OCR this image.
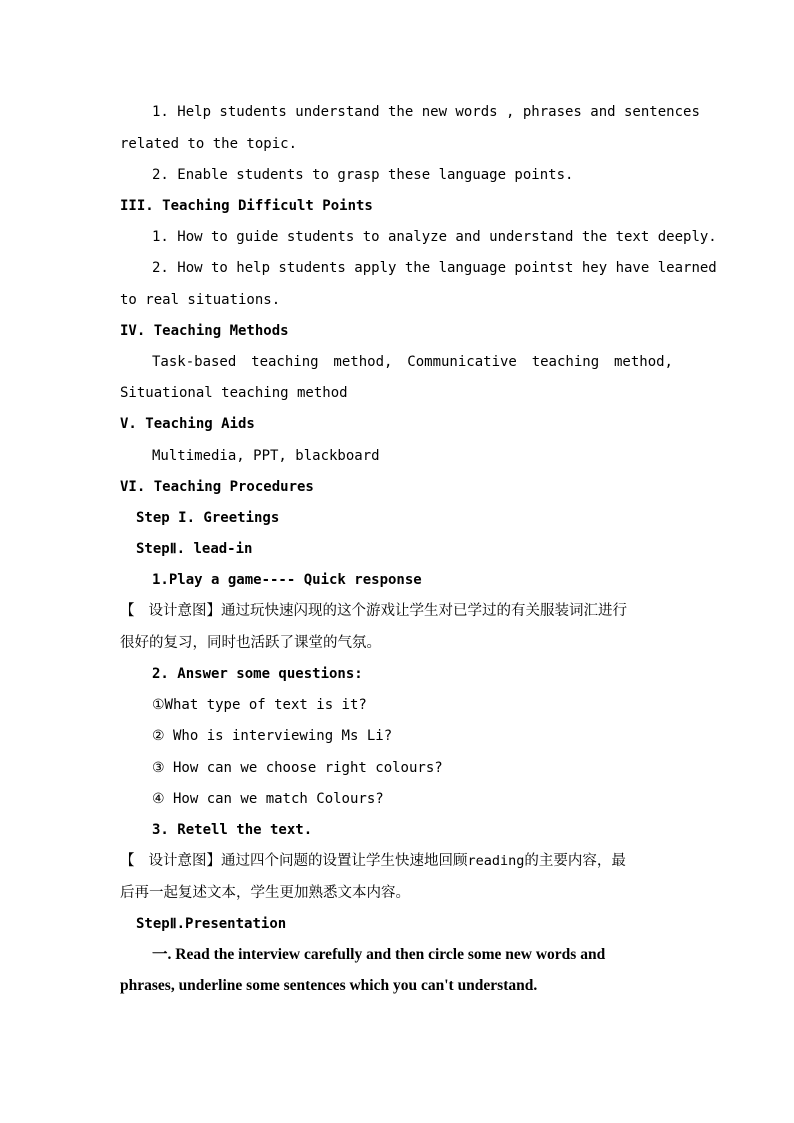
1. Help students understand the new words , phrases and sentences
related to the topic.
2. Enable students to grasp these language points.
III. Teaching Difficult Points
1. How to guide students to analyze and understand the text deeply.
2. How to help students apply the language pointst hey have learned
to real situations.
IV. Teaching Methods
Task-based teaching method, Communicative teaching method,
Situational teaching method
V. Teaching Aids
Multimedia, PPT, blackboard
VI. Teaching Procedures
Step I. Greetings
StepⅡ. lead-in
1.Play a game---- Quick response
【 设计意图】通过玩快速闪现的这个游戏让学生对已学过的有关服装词汇进行
很好的复习，同时也活跃了课堂的气氛。
2. Answer some questions:
①What type of text is it?
② Who is interviewing Ms Li?
③ How can we choose right colours?
④ How can we match Colours?
3. Retell the text.
【 设计意图】通过四个问题的设置让学生快速地回顾reading的主要内容，最
后再一起复述文本，学生更加熟悉文本内容。
StepⅡ.Presentation
一. Read the interview carefully and then circle some new words and
phrases, underline some sentences which you can't understand.
